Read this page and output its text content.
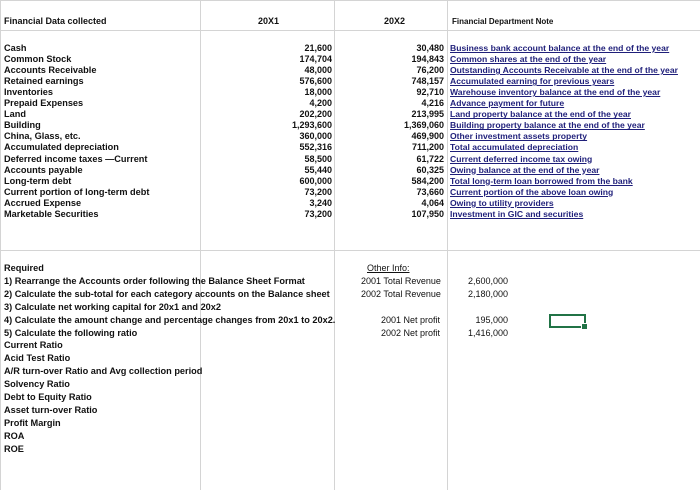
Financial Data collected	20X1	20X2	Financial Department Note
Cash	21,600	30,480 Business bank account balance at the end of the year
Common Stock	174,704	194,843 Common shares at the end of the year
Accounts Receivable	48,000	76,200 Outstanding Accounts Receivable at the end of the year
Retained earnings	576,600	748,157 Accumulated earning for previous years
Inventories	18,000	92,710 Warehouse inventory balance at the end of the year
Prepaid Expenses	4,200	4,216 Advance payment for future
Land	202,200	213,995 Land property balance at the end of the year
Building	1,293,600	1,369,060 Building property balance at the end of the year
China, Glass, etc.	360,000	469,900 Other investment assets property
Accumulated depreciation	552,316	711,200 Total accumulated depreciation
Deferred income taxes —Current	58,500	61,722 Current deferred income tax owing
Accounts payable	55,440	60,325 Owing balance at the end of the year
Long-term debt	600,000	584,200 Total long-term loan borrowed from the bank
Current portion of long-term debt	73,200	73,660 Current portion of the above loan owing
Accrued Expense	3,240	4,064 Owing to utility providers
Marketable Securities	73,200	107,950 Investment in GIC and securities
Required
1) Rearrange the Accounts order following the Balance Sheet Format
2) Calculate the sub-total for each category accounts on the Balance sheet
3) Calculate net working capital for 20x1 and 20x2
4) Calculate the amount change and percentage changes from 20x1 to 20x2.
5) Calculate the following ratio
Current Ratio
Acid Test Ratio
A/R turn-over Ratio and Avg collection period
Solvency Ratio
Debt to Equity Ratio
Asset turn-over Ratio
Profit Margin
ROA
ROE
Other Info:
2001 Total Revenue	2,600,000
2002 Total Revenue	2,180,000
2001 Net profit	195,000
2002 Net profit	1,416,000
